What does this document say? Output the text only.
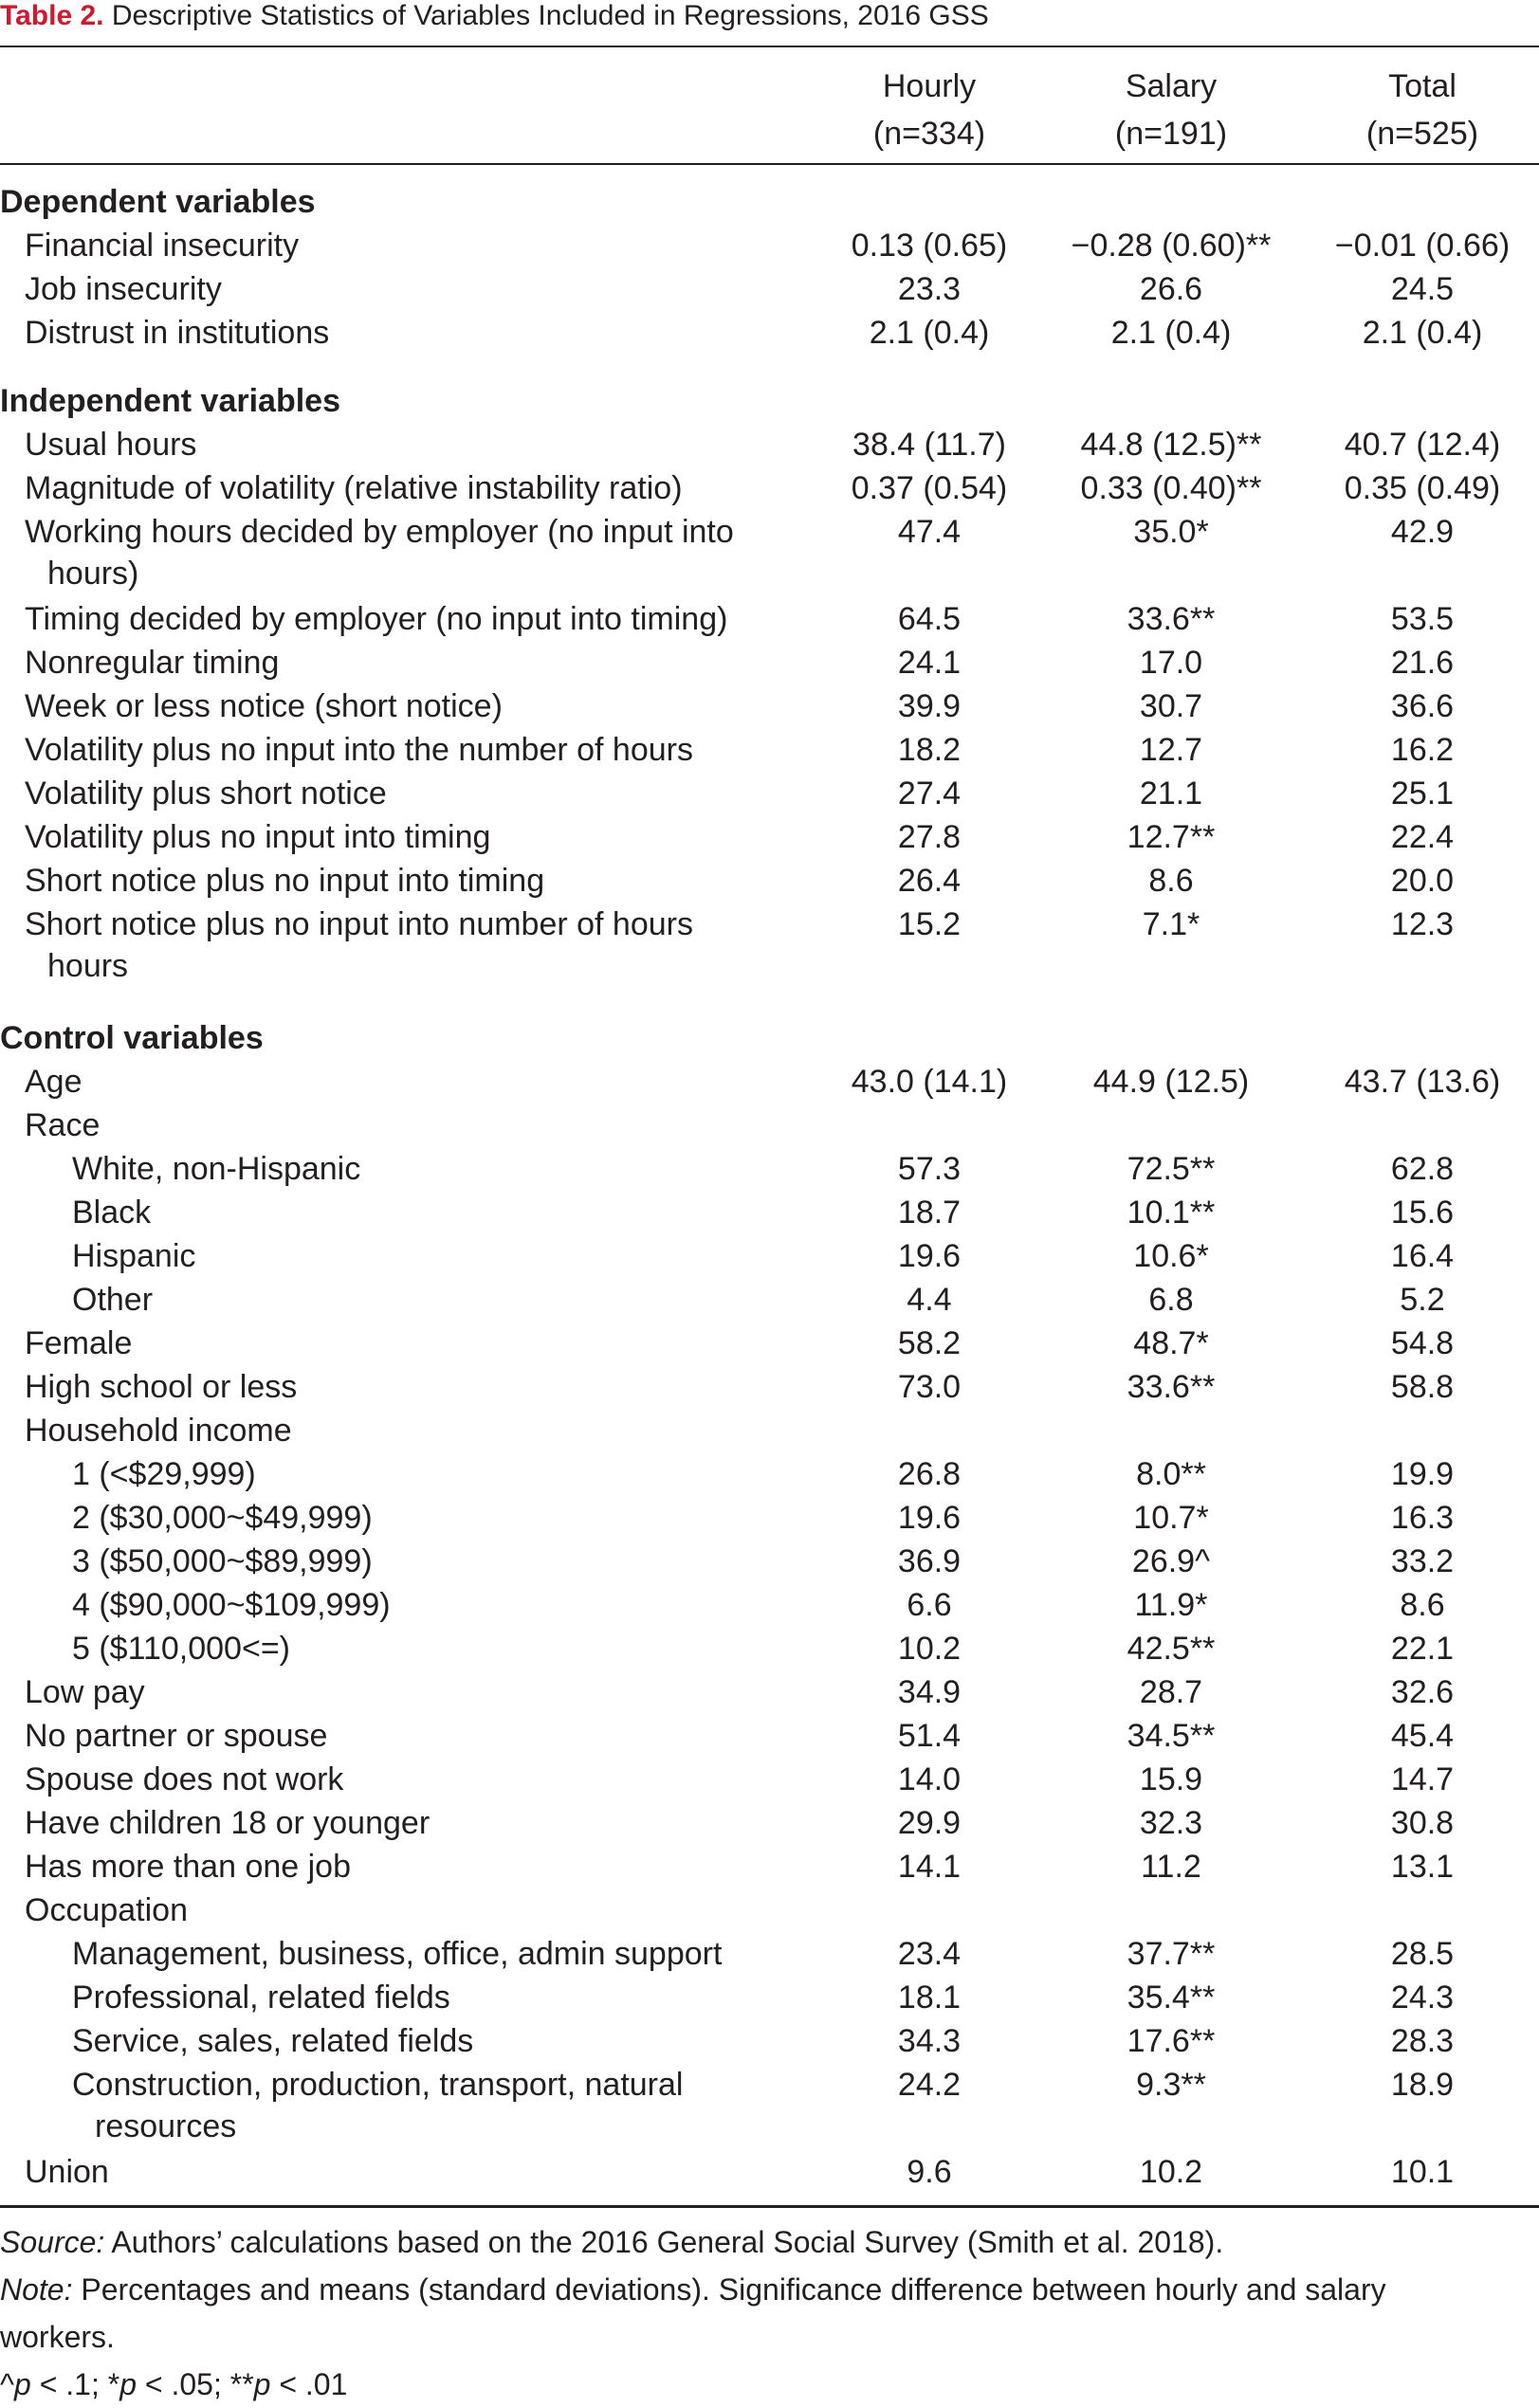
Table 2. Descriptive Statistics of Variables Included in Regressions, 2016 GSS
Hourly
(n=334)
Salary
(n=191)
Total
(n=525)
Dependent variables
Financial insecurity	0.13 (0.65)	−0.28 (0.60)**	−0.01 (0.66)
Job insecurity	23.3	26.6	24.5
Distrust in institutions	2.1 (0.4)	2.1 (0.4)	2.1 (0.4)
Independent variables
Usual hours	38.4 (11.7)	44.8 (12.5)**	40.7 (12.4)
Magnitude of volatility (relative instability ratio)	0.37 (0.54)	0.33 (0.40)**	0.35 (0.49)
Working hours decided by employer (no input into	47.4	35.0*	42.9
hours)
Timing decided by employer (no input into timing)	64.5	33.6**	53.5
Nonregular timing	24.1	17.0	21.6
Week or less notice (short notice)	39.9	30.7	36.6
Volatility plus no input into the number of hours	18.2	12.7	16.2
Volatility plus short notice	27.4	21.1	25.1
Volatility plus no input into timing	27.8	12.7**	22.4
Short notice plus no input into timing	26.4	8.6	20.0
Short notice plus no input into number of hours	15.2	7.1*	12.3
hours
Control variables
Age	43.0 (14.1)	44.9 (12.5)	43.7 (13.6)
Race
White, non-Hispanic	57.3	72.5**	62.8
Black	18.7	10.1**	15.6
Hispanic	19.6	10.6*	16.4
Other	4.4	6.8	5.2
Female	58.2	48.7*	54.8
High school or less	73.0	33.6**	58.8
Household income
1 (<$29,999)	26.8	8.0**	19.9
2 ($30,000~$49,999)	19.6	10.7*	16.3
3 ($50,000~$89,999)	36.9	26.9^	33.2
4 ($90,000~$109,999)	6.6	11.9*	8.6
5 ($110,000<=)	10.2	42.5**	22.1
Low pay	34.9	28.7	32.6
No partner or spouse	51.4	34.5**	45.4
Spouse does not work	14.0	15.9	14.7
Have children 18 or younger	29.9	32.3	30.8
Has more than one job	14.1	11.2	13.1
Occupation
Management, business, office, admin support	23.4	37.7**	28.5
Professional, related fields	18.1	35.4**	24.3
Service, sales, related fields	34.3	17.6**	28.3
Construction, production, transport, natural	24.2	9.3**	18.9
resources
Union	9.6	10.2	10.1
Source: Authors’ calculations based on the 2016 General Social Survey (Smith et al. 2018).
Note: Percentages and means (standard deviations). Significance difference between hourly and salary
workers.
^p < .1; *p < .05; **p < .01
